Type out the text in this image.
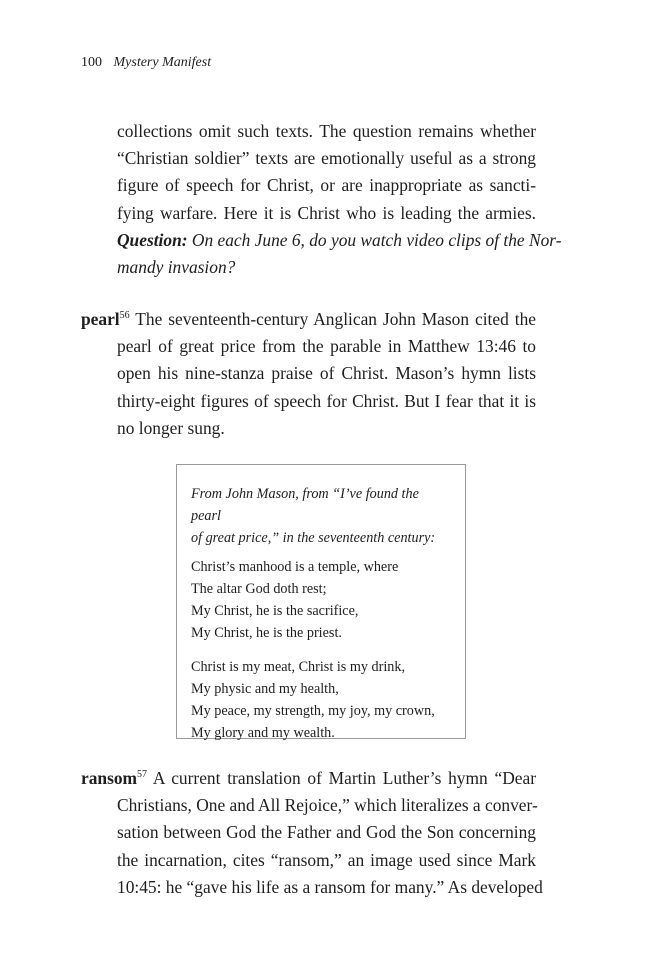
100 Mystery Manifest
collections omit such texts. The question remains whether
“Christian soldier” texts are emotionally useful as a strong
figure of speech for Christ, or are inappropriate as sancti-
fying warfare. Here it is Christ who is leading the armies.
Question: On each June 6, do you watch video clips of the Nor-
mandy invasion?
pearl$^{56}$ The seventeenth-century Anglican John Mason cited the
pearl of great price from the parable in Matthew 13:46 to
open his nine-stanza praise of Christ. Mason’s hymn lists
thirty-eight figures of speech for Christ. But I fear that it is
no longer sung.
From John Mason, from “I’ve found the pearl
of great price,” in the seventeenth century:
Christ’s manhood is a temple, where
The altar God doth rest;
My Christ, he is the sacrifice,
My Christ, he is the priest.
Christ is my meat, Christ is my drink,
My physic and my health,
My peace, my strength, my joy, my crown,
My glory and my wealth.
ransom$^{57}$ A current translation of Martin Luther’s hymn “Dear
Christians, One and All Rejoice,” which literalizes a conver-
sation between God the Father and God the Son concerning
the incarnation, cites “ransom,” an image used since Mark
10:45: he “gave his life as a ransom for many.” As developed
